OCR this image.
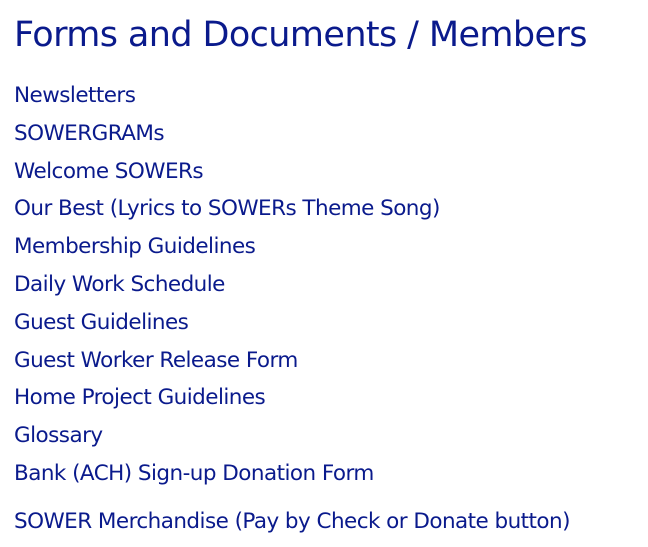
Forms and Documents / Members
Newsletters
SOWERGRAMs
Welcome SOWERs
Our Best (Lyrics to SOWERs Theme Song)
Membership Guidelines
Daily Work Schedule
Guest Guidelines
Guest Worker Release Form
Home Project Guidelines
Glossary
Bank (ACH) Sign-up Donation Form
SOWER Merchandise (Pay by Check or Donate button)
